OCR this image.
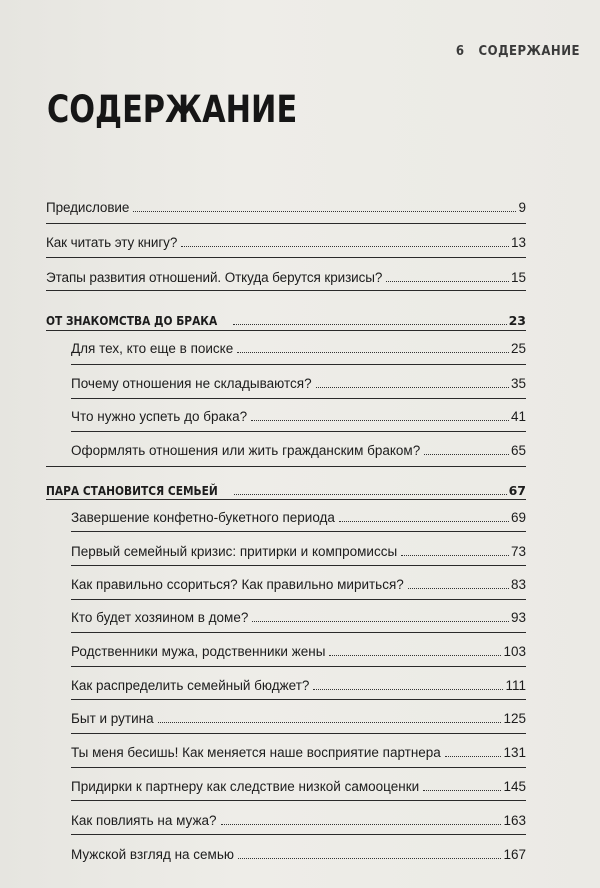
6 СОДЕРЖАНИЕ
СОДЕРЖАНИЕ
Предисловие	9
Как читать эту книгу?	13
Этапы развития отношений. Откуда берутся кризисы?	15
ОТ ЗНАКОМСТВА ДО БРАКА	23
Для тех, кто еще в поиске	25
Почему отношения не складываются?	35
Что нужно успеть до брака?	41
Оформлять отношения или жить гражданским браком?	65
ПАРА СТАНОВИТСЯ СЕМЬЕЙ	67
Завершение конфетно-букетного периода	69
Первый семейный кризис: притирки и компромиссы	73
Как правильно ссориться? Как правильно мириться?	83
Кто будет хозяином в доме?	93
Родственники мужа, родственники жены	103
Как распределить семейный бюджет?	111
Быт и рутина	125
Ты меня бесишь! Как меняется наше восприятие партнера	131
Придирки к партнеру как следствие низкой самооценки	145
Как повлиять на мужа?	163
Мужской взгляд на семью	167
